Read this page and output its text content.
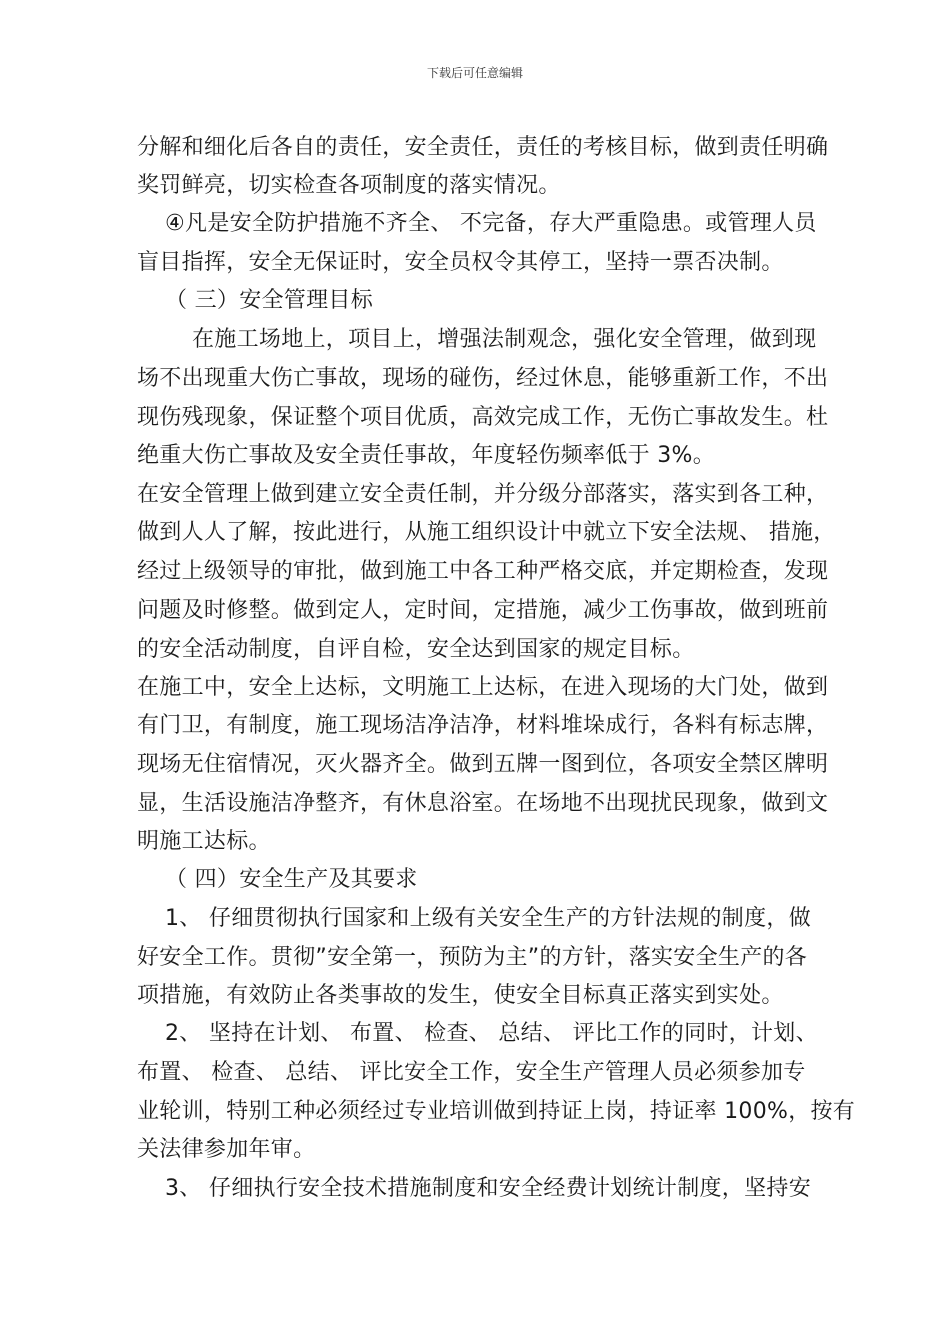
下载后可任意编辑
分解和细化后各自的责任，安全责任，责任的考核目标，做到责任明确
奖罚鲜亮，切实检查各项制度的落实情况。
④凡是安全防护措施不齐全、 不完备，存大严重隐患。或管理人员
盲目指挥，安全无保证时，安全员权令其停工，坚持一票否决制。
（ 三）安全管理目标
在施工场地上，项目上，增强法制观念，强化安全管理，做到现
场不出现重大伤亡事故，现场的碰伤，经过休息，能够重新工作，不出
现伤残现象，保证整个项目优质，高效完成工作，无伤亡事故发生。杜
绝重大伤亡事故及安全责任事故，年度轻伤频率低于 3%。
在安全管理上做到建立安全责任制，并分级分部落实，落实到各工种，
做到人人了解，按此进行，从施工组织设计中就立下安全法规、 措施，
经过上级领导的审批，做到施工中各工种严格交底，并定期检查，发现
问题及时修整。做到定人，定时间，定措施，减少工伤事故，做到班前
的安全活动制度，自评自检，安全达到国家的规定目标。
在施工中，安全上达标，文明施工上达标，在进入现场的大门处，做到
有门卫，有制度，施工现场洁净洁净，材料堆垛成行，各料有标志牌，
现场无住宿情况，灭火器齐全。做到五牌一图到位，各项安全禁区牌明
显，生活设施洁净整齐，有休息浴室。在场地不出现扰民现象，做到文
明施工达标。
（ 四）安全生产及其要求
1、 仔细贯彻执行国家和上级有关安全生产的方针法规的制度，做
好安全工作。贯彻”安全第一，预防为主”的方针，落实安全生产的各
项措施，有效防止各类事故的发生，使安全目标真正落实到实处。
2、 坚持在计划、 布置、 检查、 总结、 评比工作的同时，计划、
布置、 检查、 总结、 评比安全工作，安全生产管理人员必须参加专
业轮训，特别工种必须经过专业培训做到持证上岗，持证率 100%，按有
关法律参加年审。
3、 仔细执行安全技术措施制度和安全经费计划统计制度，坚持安
